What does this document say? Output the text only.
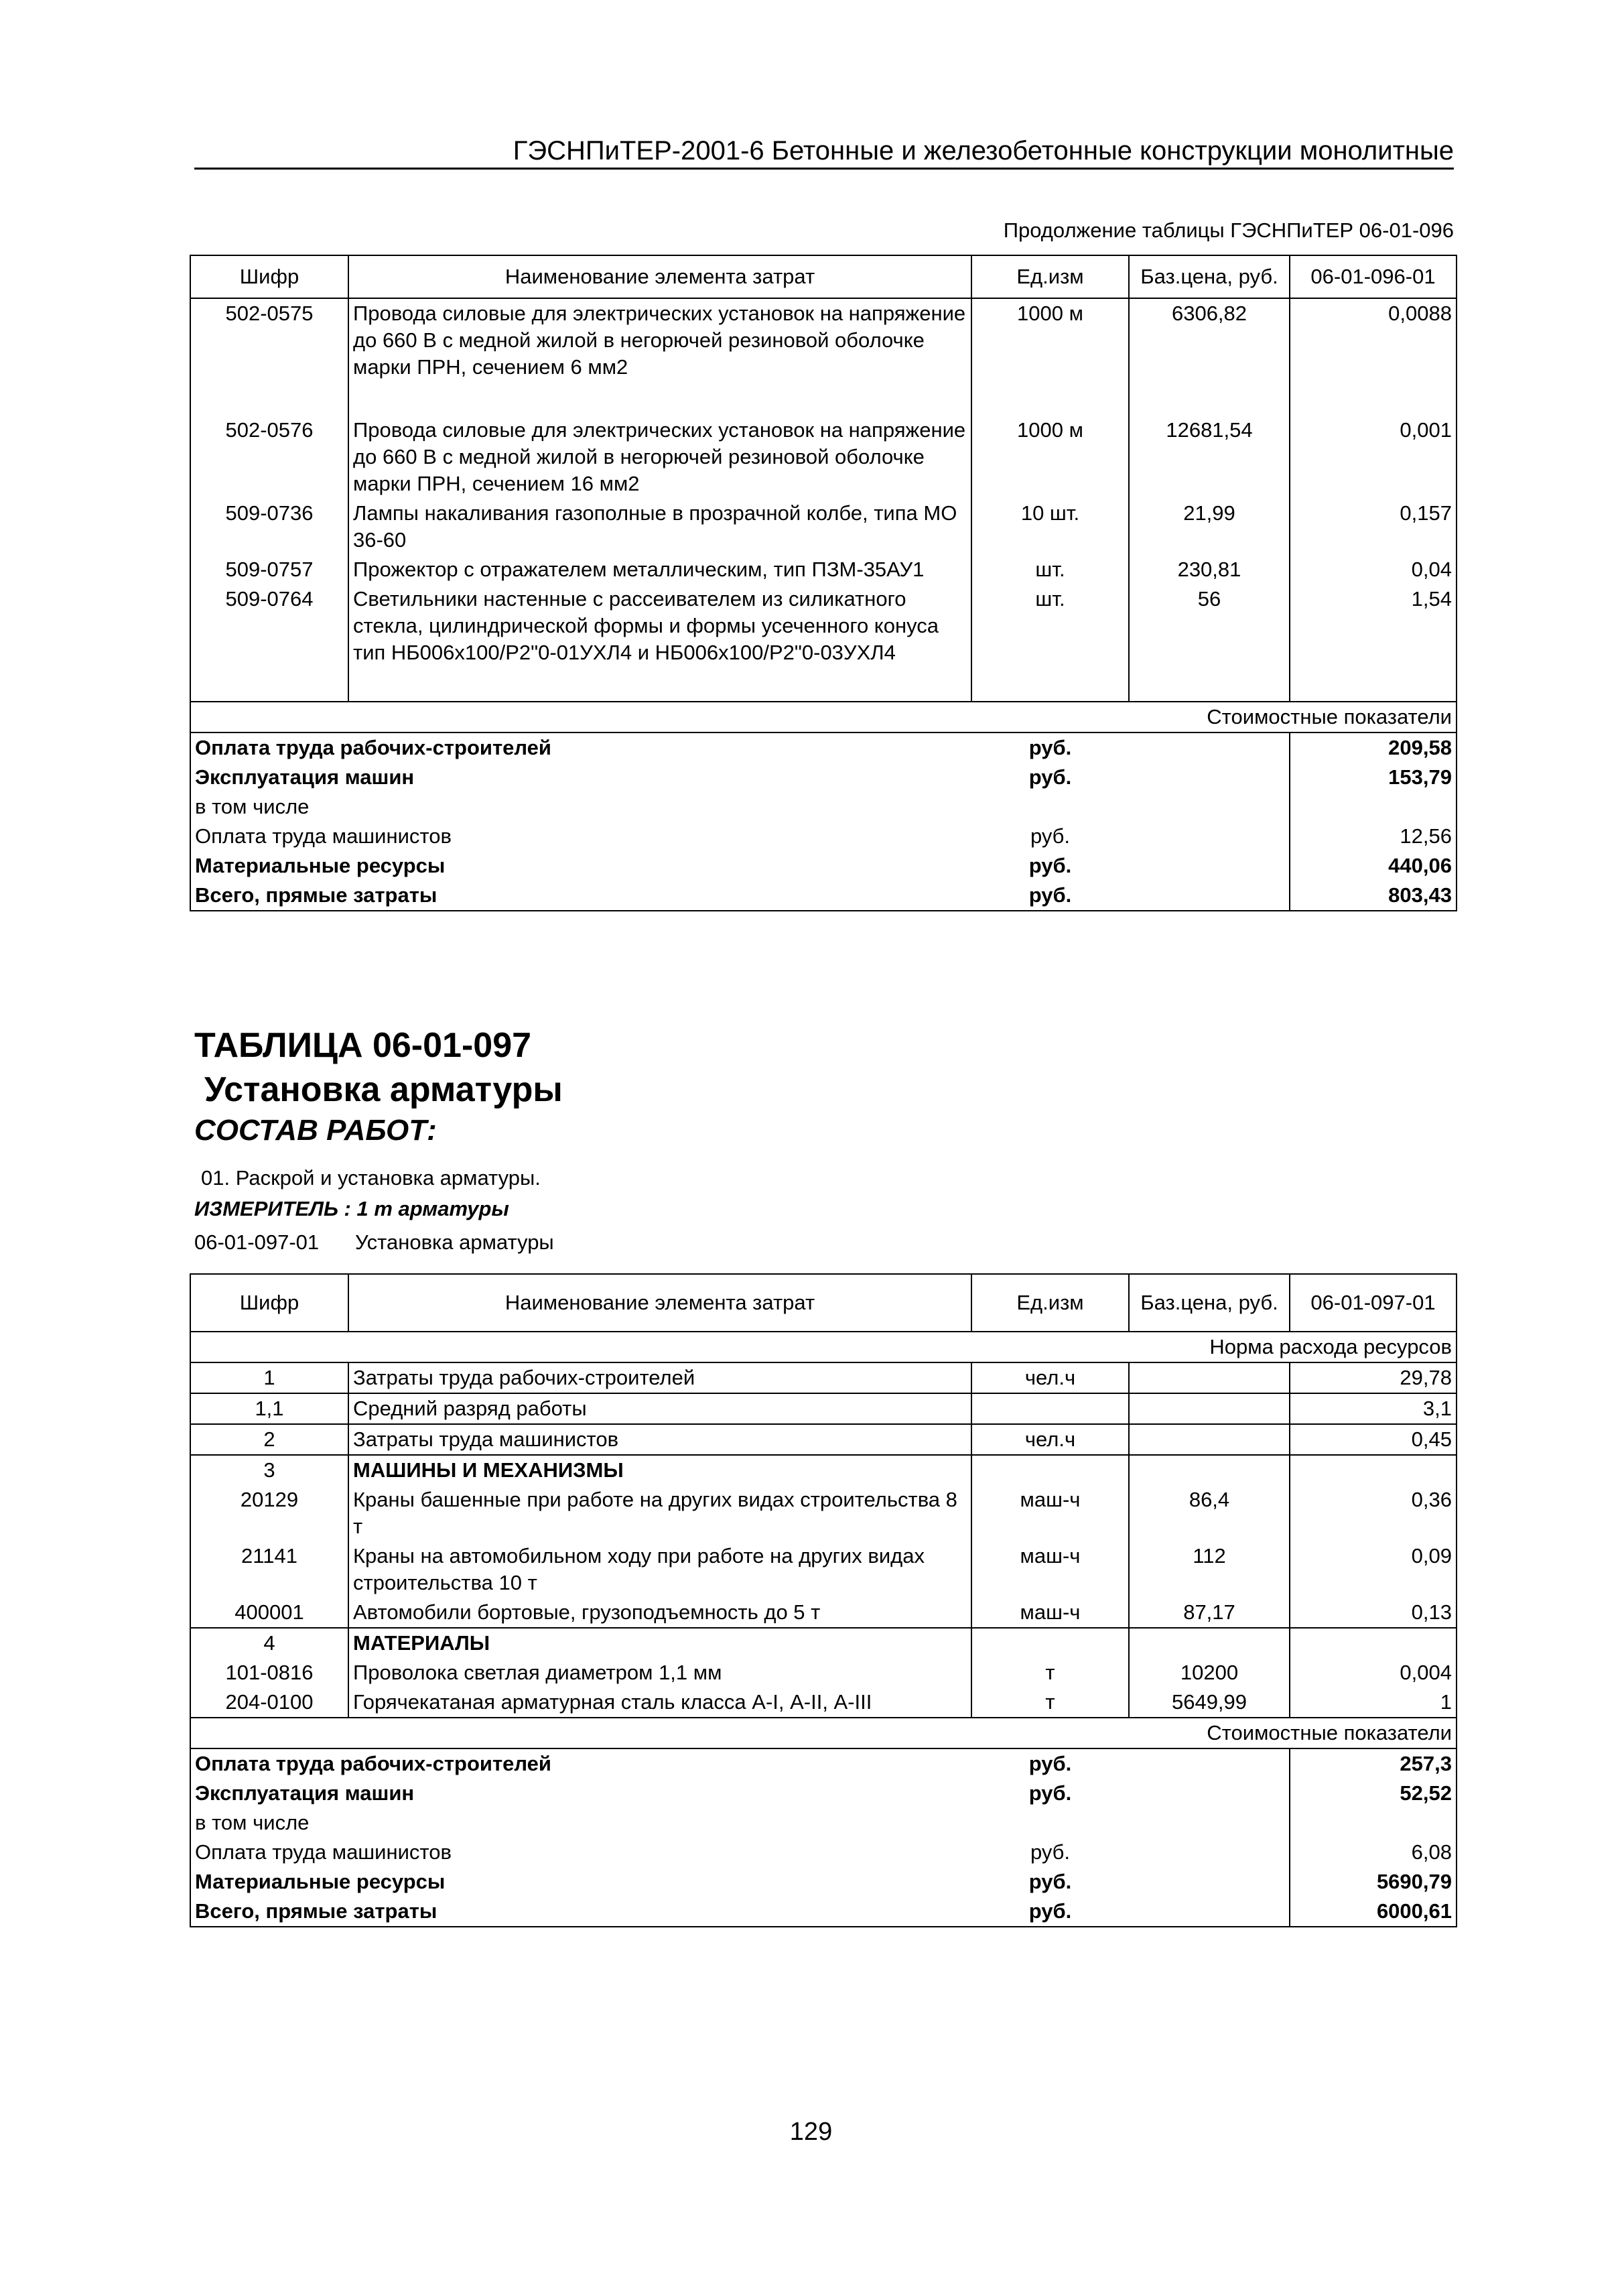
ГЭСНПиТЕР-2001-6 Бетонные и железобетонные конструкции монолитные
Продолжение таблицы ГЭСНПиТЕР 06-01-096
Шифр	Наименование элемента затрат	Ед.изм	Баз.цена, руб.	06-01-096-01
502-0575	Провода силовые для электрических установок на напряжение до 660 В с медной жилой в негорючей резиновой оболочке марки ПРН, сечением 6 мм2	1000 м	6306,82	0,0088
502-0576	Провода силовые для электрических установок на напряжение до 660 В с медной жилой в негорючей резиновой оболочке марки ПРН, сечением 16 мм2	1000 м	12681,54	0,001
509-0736	Лампы накаливания газополные в прозрачной колбе, типа МО 36-60	10 шт.	21,99	0,157
509-0757	Прожектор с отражателем металлическим, тип ПЗМ-35АУ1	шт.	230,81	0,04
509-0764	Светильники настенные с рассеивателем из силикатного стекла, цилиндрической формы и формы усеченного конуса тип НБ006х100/Р2"0-01УХЛ4 и НБ006х100/Р2"0-03УХЛ4	шт.	56	1,54
Стоимостные показатели				
Оплата труда рабочих-строителей		руб.		209,58
Эксплуатация машин		руб.		153,79
в том числе				
Оплата труда машинистов		руб.		12,56
Материальные ресурсы		руб.		440,06
Всего, прямые затраты		руб.		803,43
ТАБЛИЦА 06-01-097
Установка арматуры
СОСТАВ РАБОТ:
01. Раскрой и установка арматуры.
ИЗМЕРИТЕЛЬ : 1 т арматуры
06-01-097-01 Установка арматуры
Шифр	Наименование элемента затрат	Ед.изм	Баз.цена, руб.	06-01-097-01
Норма расхода ресурсов				
1	Затраты труда рабочих-строителей	чел.ч		29,78
1,1	Средний разряд работы			3,1
2	Затраты труда машинистов	чел.ч		0,45
3	МАШИНЫ И МЕХАНИЗМЫ			
20129	Краны башенные при работе на других видах строительства 8 т	маш-ч	86,4	0,36
21141	Краны на автомобильном ходу при работе на других видах строительства 10 т	маш-ч	112	0,09
400001	Автомобили бортовые, грузоподъемность до 5 т	маш-ч	87,17	0,13
4	МАТЕРИАЛЫ			
101-0816	Проволока светлая диаметром 1,1 мм	т	10200	0,004
204-0100	Горячекатаная арматурная сталь класса А-I, А-II, А-III	т	5649,99	1
Стоимостные показатели				
Оплата труда рабочих-строителей		руб.		257,3
Эксплуатация машин		руб.		52,52
в том числе				
Оплата труда машинистов		руб.		6,08
Материальные ресурсы		руб.		5690,79
Всего, прямые затраты		руб.		6000,61
129
